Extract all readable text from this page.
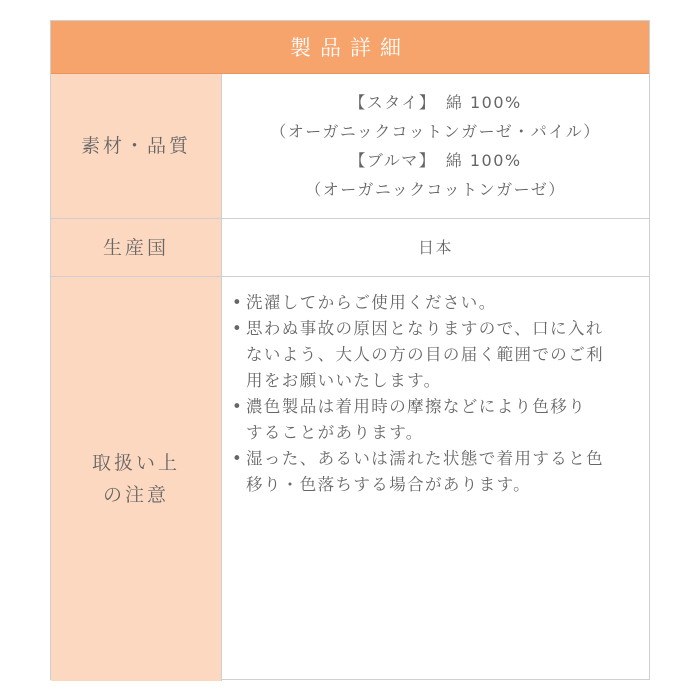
製品詳細
素材・品質
【スタイ】　綿 100%
（オーガニックコットンガーゼ・パイル）
【ブルマ】　綿 100%
（オーガニックコットンガーゼ）
生産国	日本
取扱い上
の注意
• 洗濯してからご使用ください。
• 思わぬ事故の原因となりますので、口に入れ
ないよう、大人の方の目の届く範囲でのご利
用をお願いいたします。
• 濃色製品は着用時の摩擦などにより色移り
することがあります。
• 湿った、あるいは濡れた状態で着用すると色
移り・色落ちする場合があります。
